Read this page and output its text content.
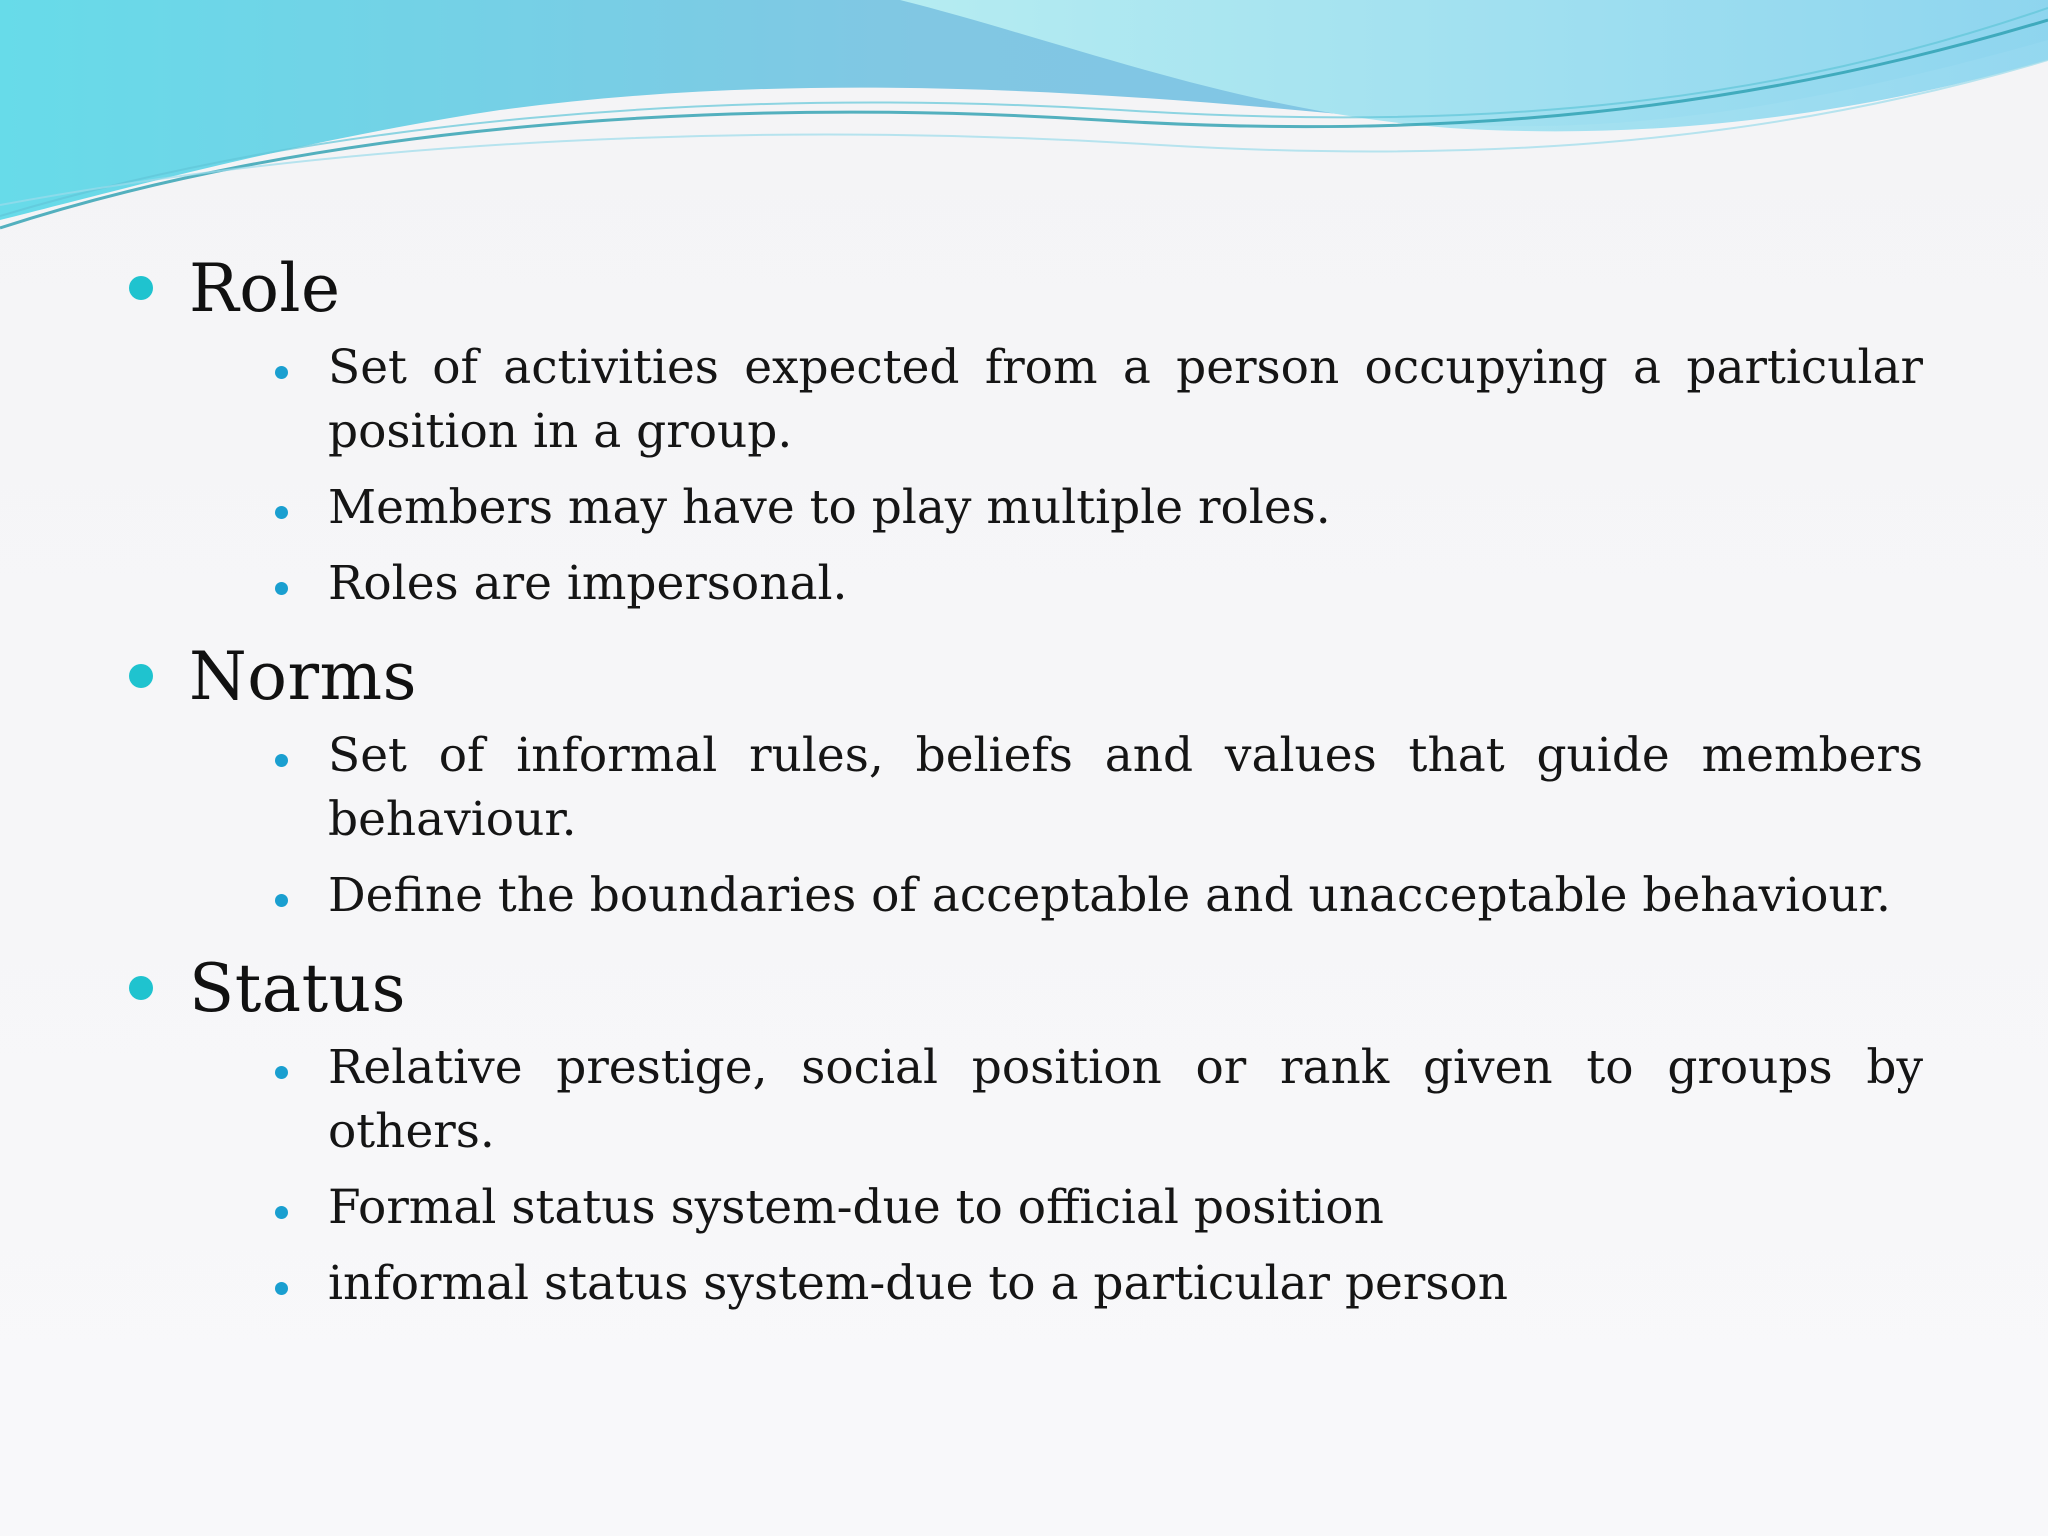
Role
Set of activities expected from a person occupying a particular position in a group.
Members may have to play multiple roles.
Roles are impersonal.
Norms
Set of informal rules, beliefs and values that guide members behaviour.
Define the boundaries of acceptable and unacceptable behaviour.
Status
Relative prestige, social position or rank given to groups by others.
Formal status system-due to official position
informal status system-due to a particular person
